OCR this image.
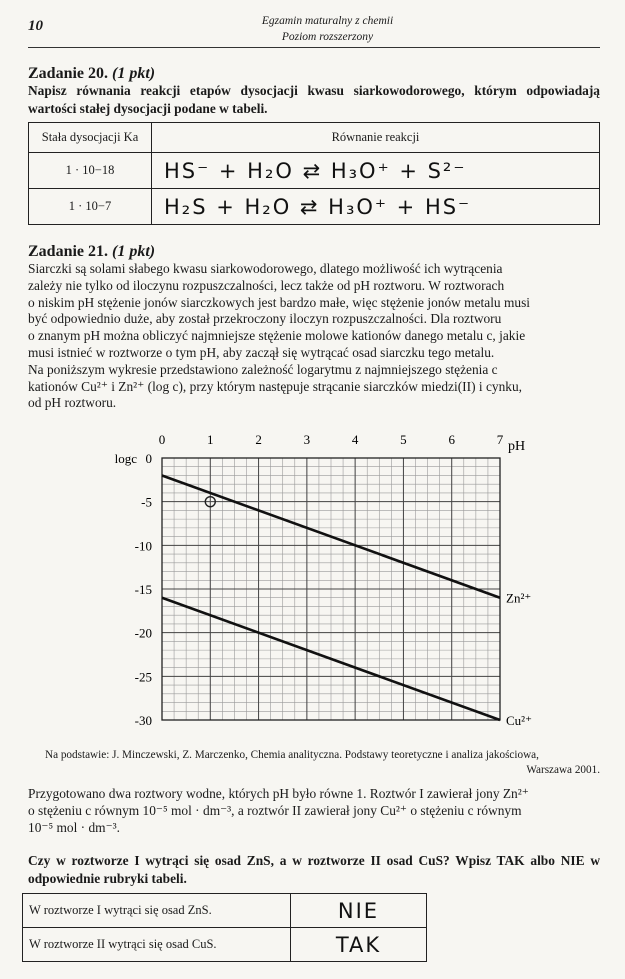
10	Egzamin maturalny z chemii
Poziom rozszerzony
Zadanie 20. (1 pkt)
Napisz równania reakcji etapów dysocjacji kwasu siarkowodorowego, którym odpowiadają wartości stałej dysocjacji podane w tabeli.
Stała dysocjacji Ka	Równanie reakcji
1 · 10−18	HS⁻ + H₂O ⇄ H₃O⁺ + S²⁻
1 · 10−7	H₂S + H₂O ⇄ H₃O⁺ + HS⁻
Zadanie 21. (1 pkt)
Siarczki są solami słabego kwasu siarkowodorowego, dlatego możliwość ich wytrącenia
zależy nie tylko od iloczynu rozpuszczalności, lecz także od pH roztworu. W roztworach
o niskim pH stężenie jonów siarczkowych jest bardzo małe, więc stężenie jonów metalu musi
być odpowiednio duże, aby został przekroczony iloczyn rozpuszczalności. Dla roztworu
o znanym pH można obliczyć najmniejsze stężenie molowe kationów danego metalu c, jakie
musi istnieć w roztworze o tym pH, aby zaczął się wytrącać osad siarczku tego metalu.
Na poniższym wykresie przedstawiono zależność logarytmu z najmniejszego stężenia c
kationów Cu²⁺ i Zn²⁺ (log c), przy którym następuje strącanie siarczków miedzi(II) i cynku,
od pH roztworu.
0	1	2	3	4	5	6	7 pH
0
-5
-10
-15
-20
-25
-30
logc
Zn²⁺
Cu²⁺
Na podstawie: J. Minczewski, Z. Marczenko, Chemia analityczna. Podstawy teoretyczne i analiza jakościowa,
Warszawa 2001.
Przygotowano dwa roztwory wodne, których pH było równe 1. Roztwór I zawierał jony Zn²⁺
o stężeniu c równym 10⁻⁵ mol · dm⁻³, a roztwór II zawierał jony Cu²⁺ o stężeniu c równym
10⁻⁵ mol · dm⁻³.
Czy w roztworze I wytrąci się osad ZnS, a w roztworze II osad CuS? Wpisz TAK albo NIE w odpowiednie rubryki tabeli.
W roztworze I wytrąci się osad ZnS.	NIE
W roztworze II wytrąci się osad CuS.	TAK
